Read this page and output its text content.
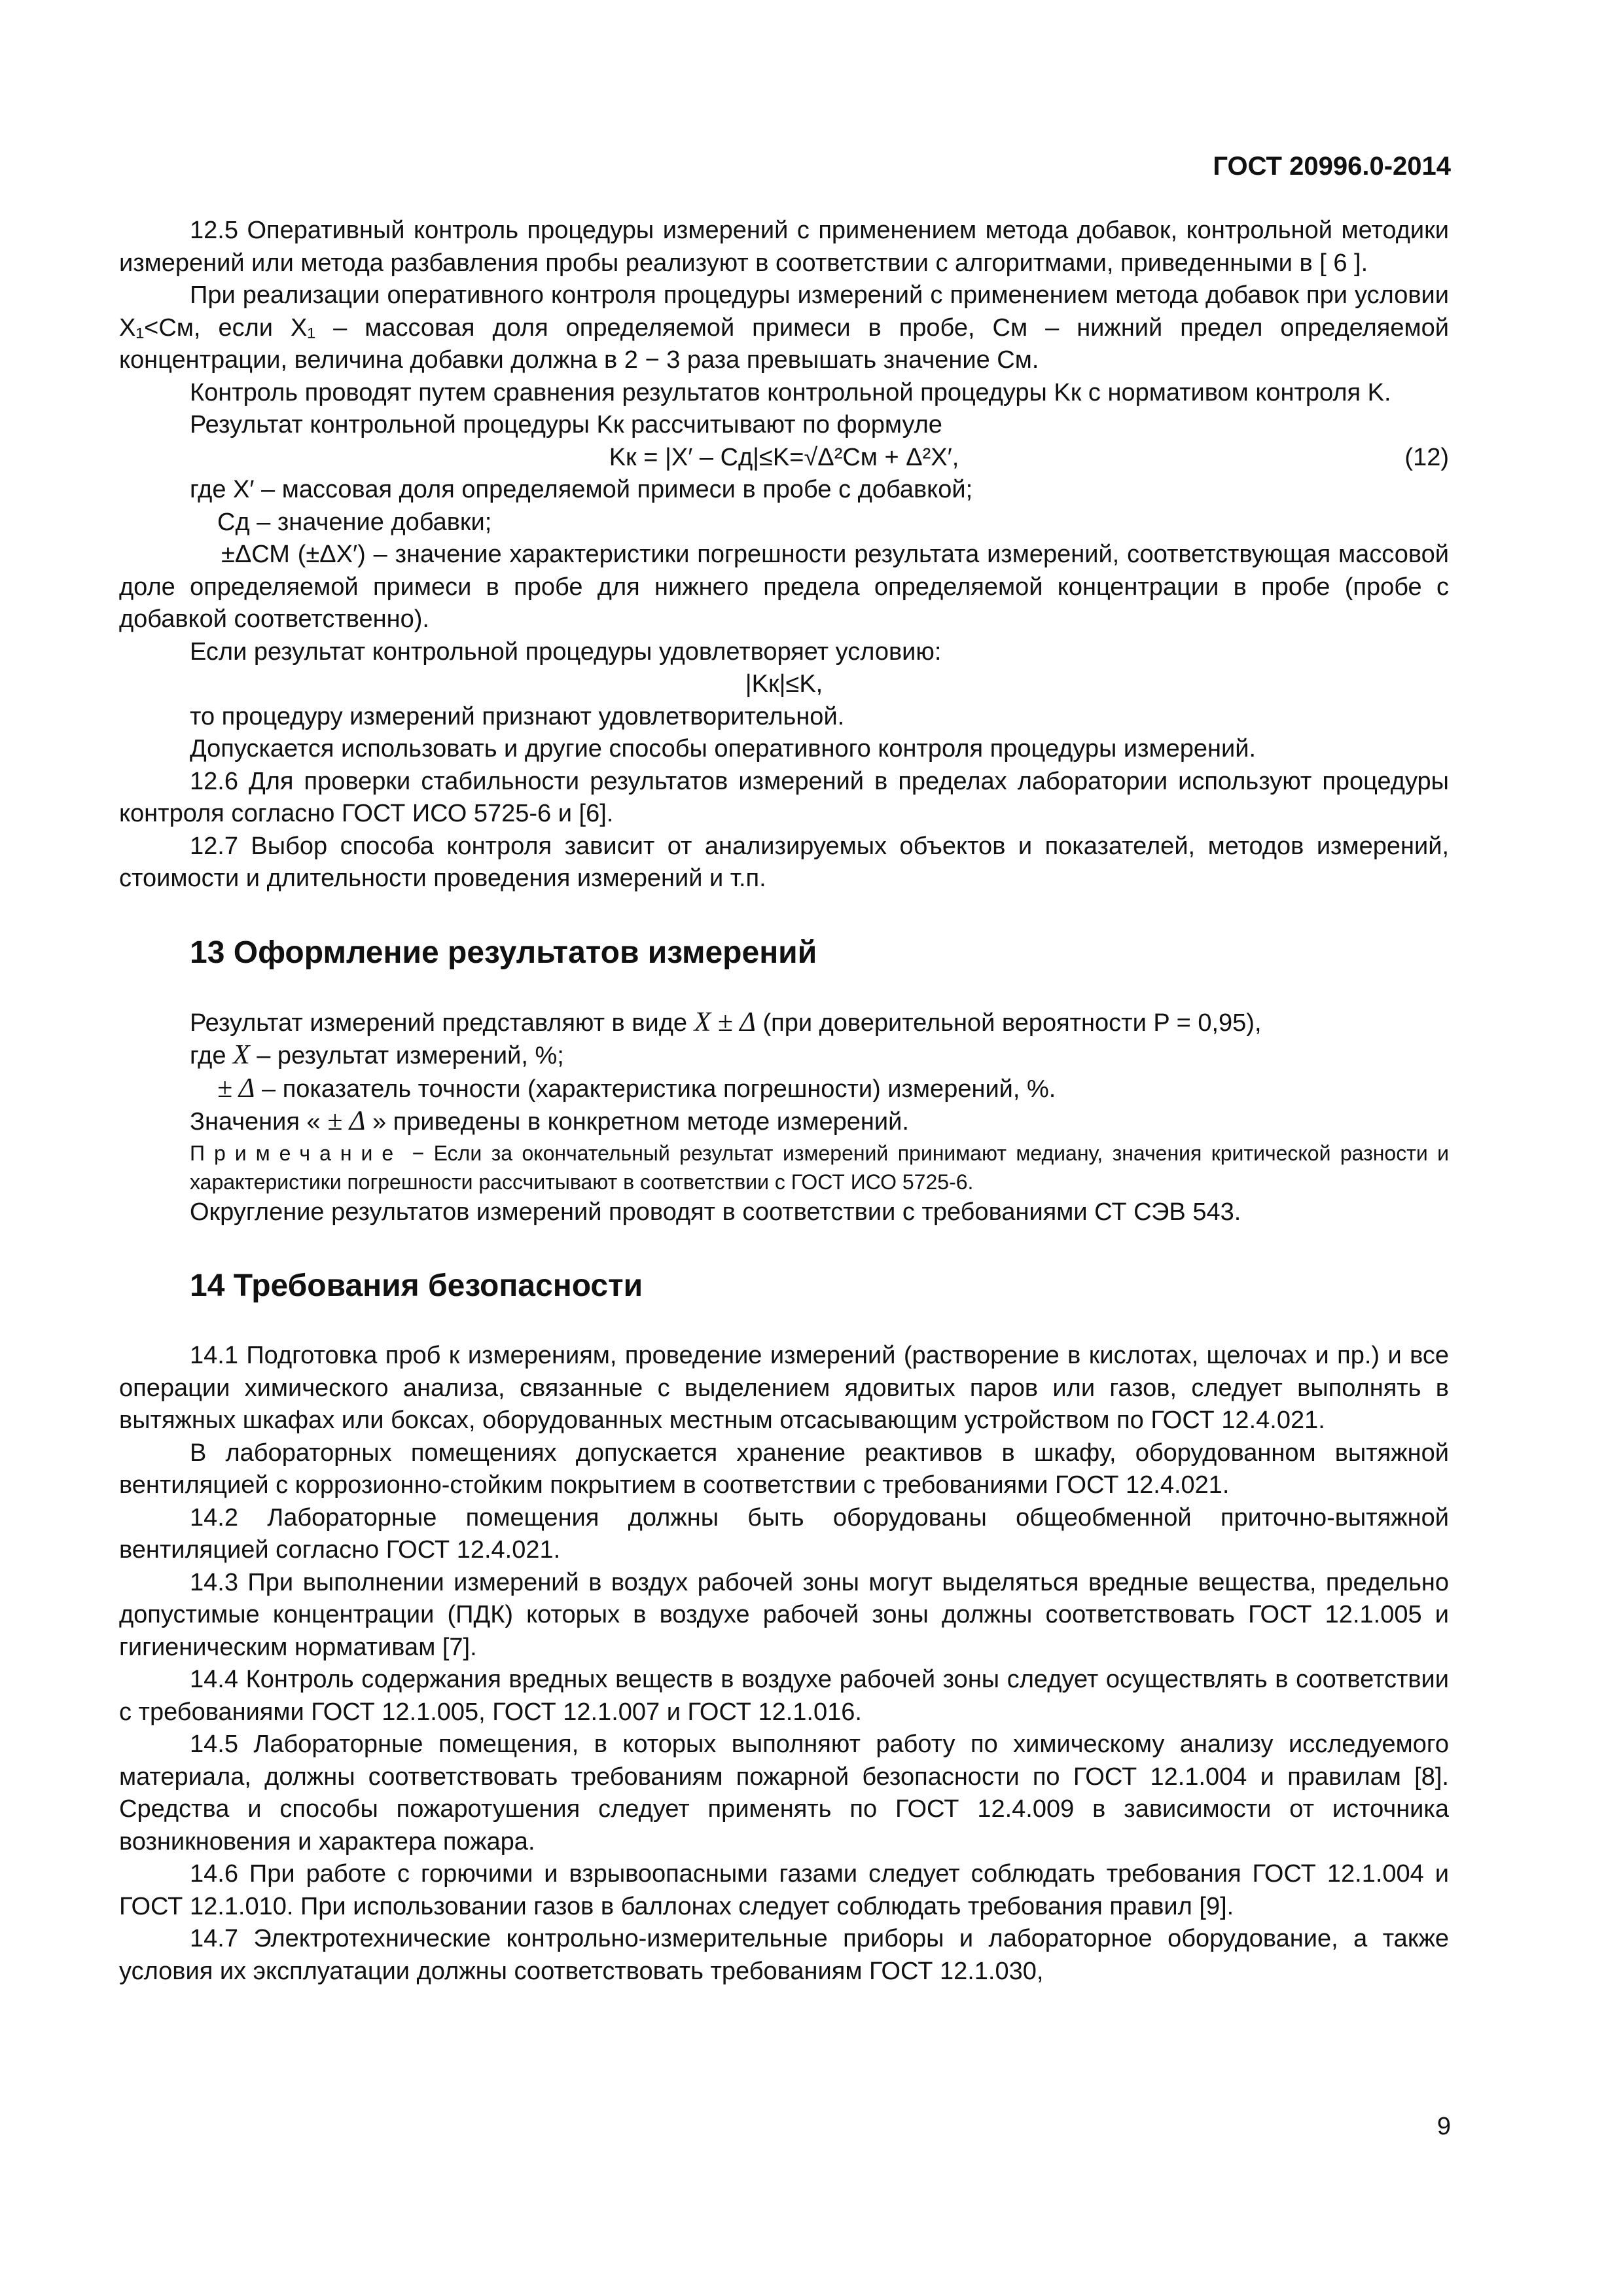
ГОСТ 20996.0-2014

12.5 Оперативный контроль процедуры измерений с применением метода добавок, контрольной методики измерений или метода разбавления пробы реализуют в соответствии с алгоритмами, приведенными в [ 6 ].

При реализации оперативного контроля процедуры измерений с применением метода добавок при условии X₁<Cм, если X₁ – массовая доля определяемой примеси в пробе, Cм – нижний предел определяемой концентрации, величина добавки должна в 2 − 3 раза превышать значение Cм.

Контроль проводят путем сравнения результатов контрольной процедуры Kк с нормативом контроля K.

Результат контрольной процедуры Kк рассчитывают по формуле

Kк = |X′ – Cд|≤K=√Δ²См + Δ²X′,	(12)

где X′ – массовая доля определяемой примеси в пробе с добавкой;

Cд – значение добавки;

±ΔСМ (±ΔX′) – значение характеристики погрешности результата измерений, соответствующая массовой доле определяемой примеси в пробе для нижнего предела определяемой концентрации в пробе (пробе с добавкой соответственно).

Если результат контрольной процедуры удовлетворяет условию:

|Kк|≤K,

то процедуру измерений признают удовлетворительной.

Допускается использовать и другие способы оперативного контроля процедуры измерений.

12.6 Для проверки стабильности результатов измерений в пределах лаборатории используют процедуры контроля согласно ГОСТ ИСО 5725-6 и [6].

12.7 Выбор способа контроля зависит от анализируемых объектов и показателей, методов измерений, стоимости и длительности проведения измерений и т.п.

13 Оформление результатов измерений

Результат измерений представляют в виде X ± Δ (при доверительной вероятности P = 0,95),

где X – результат измерений, %;

± Δ – показатель точности (характеристика погрешности) измерений, %.

Значения « ± Δ » приведены в конкретном методе измерений.

Примечание − Если за окончательный результат измерений принимают медиану, значения критической разности и характеристики погрешности рассчитывают в соответствии с ГОСТ ИСО 5725-6.

Округление результатов измерений проводят в соответствии с требованиями СТ СЭВ 543.

14 Требования безопасности

14.1 Подготовка проб к измерениям, проведение измерений (растворение в кислотах, щелочах и пр.) и все операции химического анализа, связанные с выделением ядовитых паров или газов, следует выполнять в вытяжных шкафах или боксах, оборудованных местным отсасывающим устройством по ГОСТ 12.4.021.

В лабораторных помещениях допускается хранение реактивов в шкафу, оборудованном вытяжной вентиляцией с коррозионно-стойким покрытием в соответствии с требованиями ГОСТ 12.4.021.

14.2 Лабораторные помещения должны быть оборудованы общеобменной приточно-вытяжной вентиляцией согласно ГОСТ 12.4.021.

14.3 При выполнении измерений в воздух рабочей зоны могут выделяться вредные вещества, предельно допустимые концентрации (ПДК) которых в воздухе рабочей зоны должны соответствовать ГОСТ 12.1.005 и гигиеническим нормативам [7].

14.4 Контроль содержания вредных веществ в воздухе рабочей зоны следует осуществлять в соответствии с требованиями ГОСТ 12.1.005, ГОСТ 12.1.007 и ГОСТ 12.1.016.

14.5 Лабораторные помещения, в которых выполняют работу по химическому анализу исследуемого материала, должны соответствовать требованиям пожарной безопасности по ГОСТ 12.1.004 и правилам [8]. Средства и способы пожаротушения следует применять по ГОСТ 12.4.009 в зависимости от источника возникновения и характера пожара.

14.6 При работе с горючими и взрывоопасными газами следует соблюдать требования ГОСТ 12.1.004 и ГОСТ 12.1.010. При использовании газов в баллонах следует соблюдать требования правил [9].

14.7 Электротехнические контрольно-измерительные приборы и лабораторное оборудование, а также условия их эксплуатации должны соответствовать требованиям ГОСТ 12.1.030,

9
